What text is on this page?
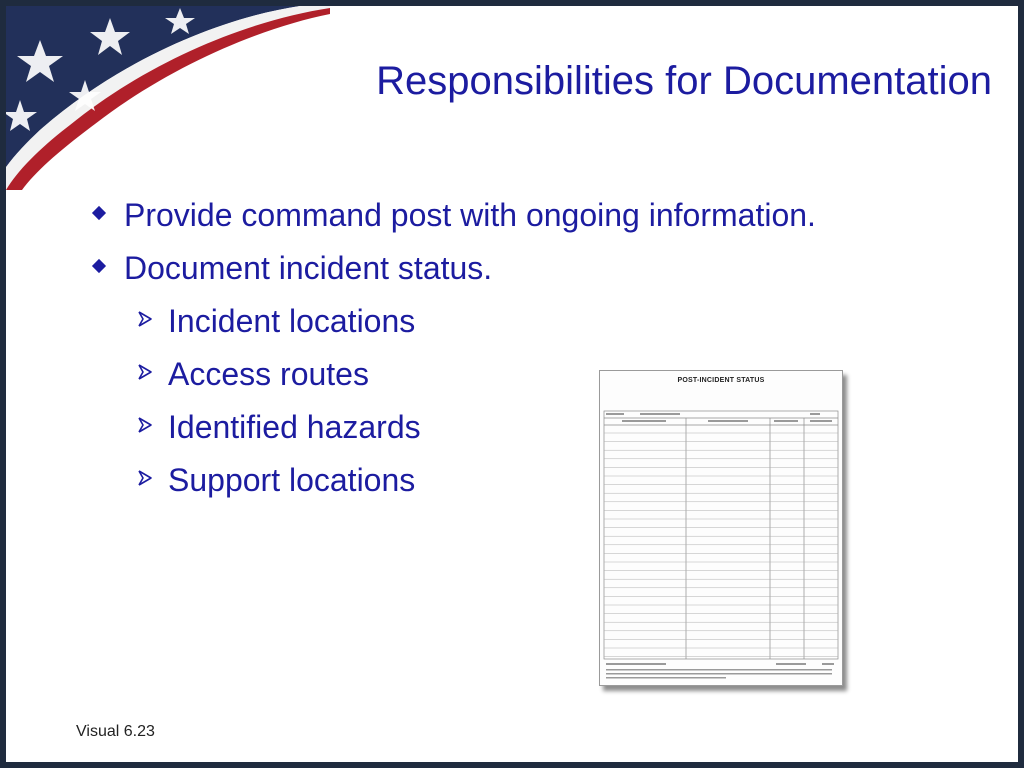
Responsibilities for Documentation
Provide command post with ongoing information.
Document incident status.
Incident locations
Access routes
Identified hazards
Support locations
POST-INCIDENT STATUS
Visual 6.23
